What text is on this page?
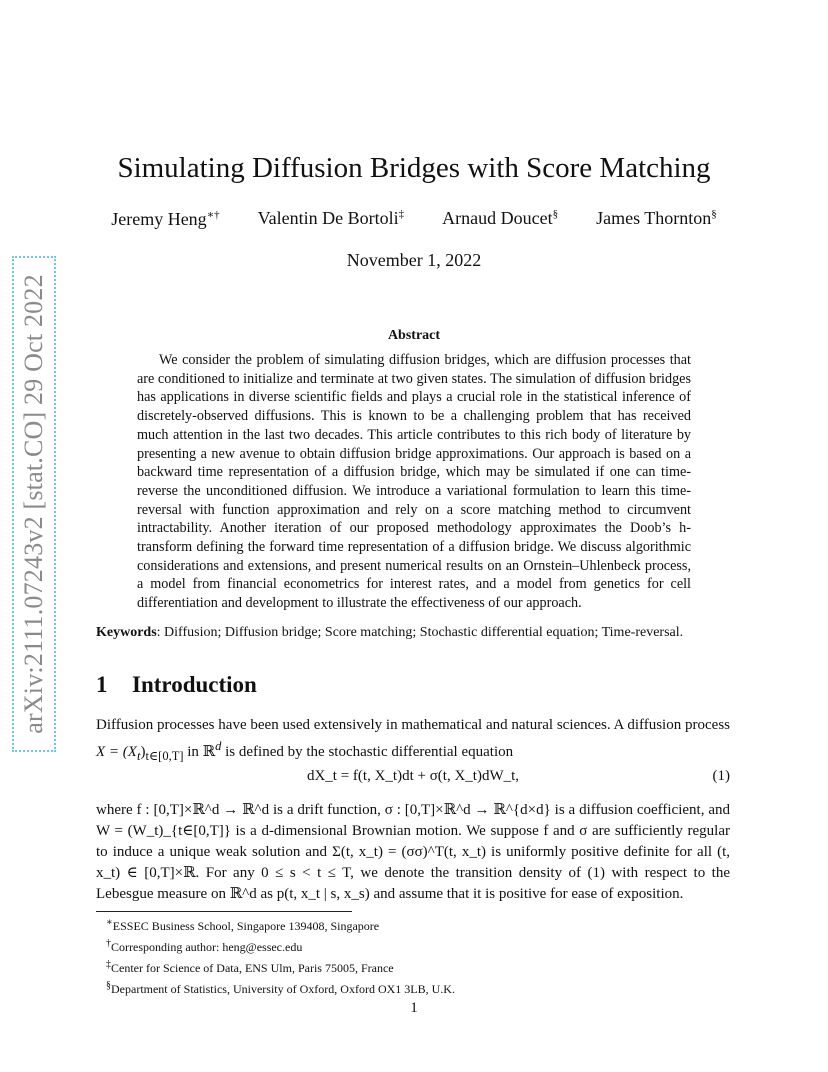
arXiv:2111.07243v2 [stat.CO] 29 Oct 2022
Simulating Diffusion Bridges with Score Matching
Jeremy Heng∗† Valentin De Bortoli‡ Arnaud Doucet§ James Thornton§
November 1, 2022
Abstract

We consider the problem of simulating diffusion bridges, which are diffusion processes that are conditioned to initialize and terminate at two given states. The simulation of diffusion bridges has applications in diverse scientific fields and plays a crucial role in the statistical inference of discretely-observed diffusions. This is known to be a challenging problem that has received much attention in the last two decades. This article contributes to this rich body of literature by presenting a new avenue to obtain diffusion bridge approximations. Our approach is based on a backward time representation of a diffusion bridge, which may be simulated if one can time-reverse the unconditioned diffusion. We introduce a variational formulation to learn this time-reversal with function approximation and rely on a score matching method to circumvent intractability. Another iteration of our proposed methodology approximates the Doob’s h-transform defining the forward time representation of a diffusion bridge. We discuss algorithmic considerations and extensions, and present numerical results on an Ornstein–Uhlenbeck process, a model from financial econometrics for interest rates, and a model from genetics for cell differentiation and development to illustrate the effectiveness of our approach.

Keywords: Diffusion; Diffusion bridge; Score matching; Stochastic differential equation; Time-reversal.
1 Introduction

Diffusion processes have been used extensively in mathematical and natural sciences. A diffusion process $X = (X_t)_{t\in[0,T]}$ in ℝ$^d$ is defined by the stochastic differential equation

dX_t = f(t, X_t)dt + σ(t, X_t)dW_t,	(1)

where f : [0,T]×ℝ^d → ℝ^d is a drift function, σ : [0,T]×ℝ^d → ℝ^{d×d} is a diffusion coefficient, and W = (W_t)_{t∈[0,T]} is a d-dimensional Brownian motion. We suppose f and σ are sufficiently regular to induce a unique weak solution and Σ(t, x_t) = (σσ)^T(t, x_t) is uniformly positive definite for all (t, x_t) ∈ [0,T]×ℝ. For any 0 ≤ s < t ≤ T, we denote the transition density of (1) with respect to the Lebesgue measure on ℝ^d as p(t, x_t | s, x_s) and assume that it is positive for ease of exposition.

∗ESSEC Business School, Singapore 139408, Singapore
†Corresponding author: heng@essec.edu
‡Center for Science of Data, ENS Ulm, Paris 75005, France
§Department of Statistics, University of Oxford, Oxford OX1 3LB, U.K.
1
